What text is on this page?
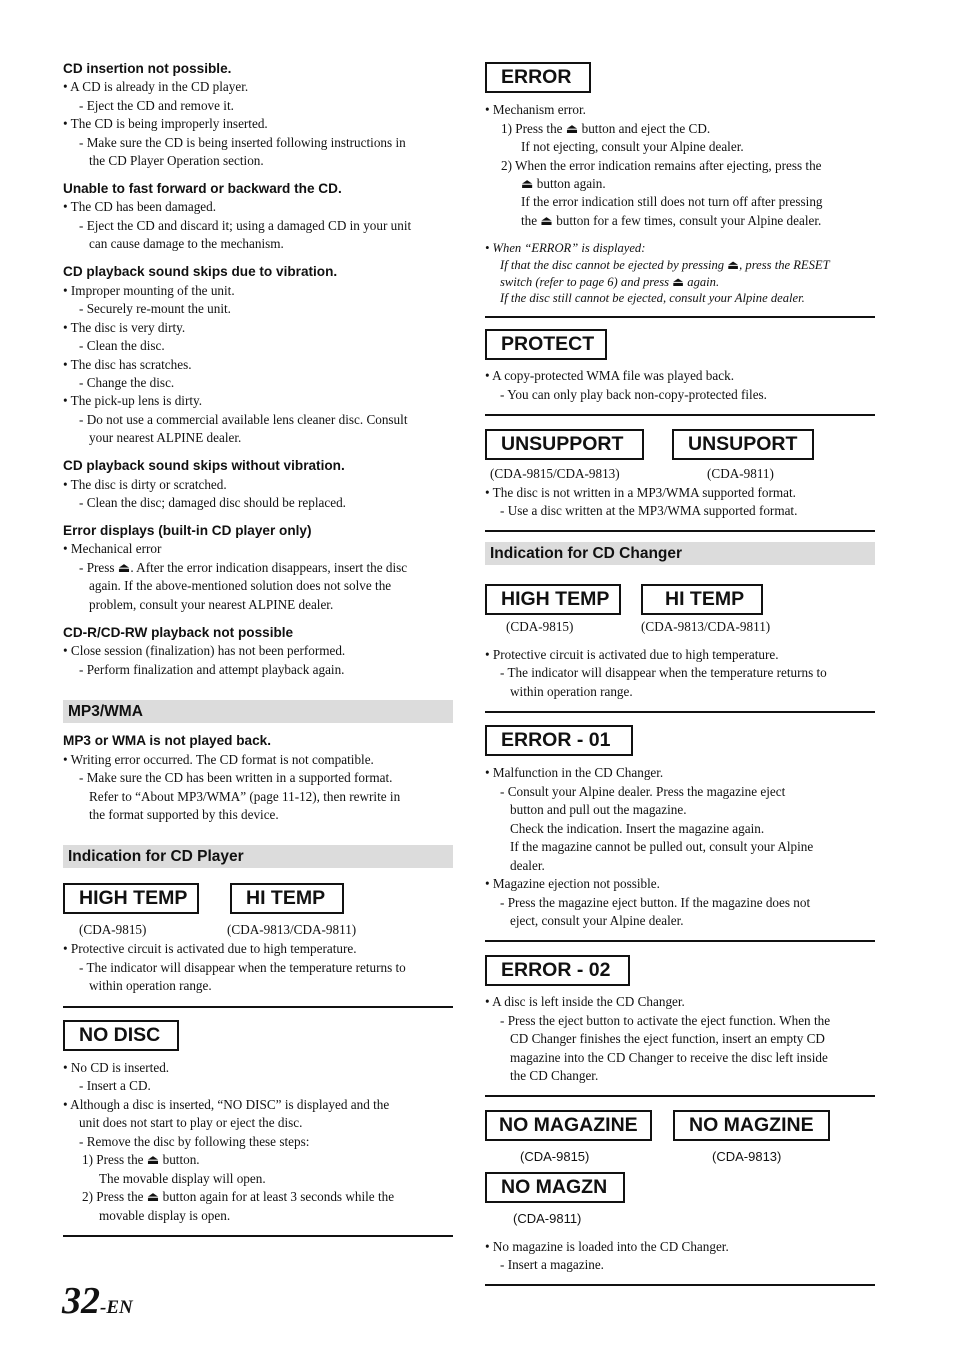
CD insertion not possible.
• A CD is already in the CD player.
- Eject the CD and remove it.
• The CD is being improperly inserted.
- Make sure the CD is being inserted following instructions in
the CD Player Operation section.
Unable to fast forward or backward the CD.
• The CD has been damaged.
- Eject the CD and discard it; using a damaged CD in your unit
can cause damage to the mechanism.
CD playback sound skips due to vibration.
• Improper mounting of the unit.
- Securely re-mount the unit.
• The disc is very dirty.
- Clean the disc.
• The disc has scratches.
- Change the disc.
• The pick-up lens is dirty.
- Do not use a commercial available lens cleaner disc. Consult
your nearest ALPINE dealer.
CD playback sound skips without vibration.
• The disc is dirty or scratched.
- Clean the disc; damaged disc should be replaced.
Error displays (built-in CD player only)
• Mechanical error
- Press ⏏. After the error indication disappears, insert the disc
again. If the above-mentioned solution does not solve the
problem, consult your nearest ALPINE dealer.
CD-R/CD-RW playback not possible
• Close session (finalization) has not been performed.
- Perform finalization and attempt playback again.
MP3/WMA
MP3 or WMA is not played back.
• Writing error occurred. The CD format is not compatible.
- Make sure the CD has been written in a supported format.
Refer to “About MP3/WMA” (page 11-12), then rewrite in
the format supported by this device.
Indication for CD Player
HIGH TEMP	HI TEMP
(CDA-9815)	(CDA-9813/CDA-9811)
• Protective circuit is activated due to high temperature.
- The indicator will disappear when the temperature returns to
within operation range.
NO DISC
• No CD is inserted.
- Insert a CD.
• Although a disc is inserted, “NO DISC” is displayed and the
unit does not start to play or eject the disc.
- Remove the disc by following these steps:
1) Press the ⏏ button.
The movable display will open.
2) Press the ⏏ button again for at least 3 seconds while the
movable display is open.
ERROR
• Mechanism error.
1) Press the ⏏ button and eject the CD.
If not ejecting, consult your Alpine dealer.
2) When the error indication remains after ejecting, press the
⏏ button again.
If the error indication still does not turn off after pressing
the ⏏ button for a few times, consult your Alpine dealer.
• When “ERROR” is displayed:
If that the disc cannot be ejected by pressing ⏏, press the RESET
switch (refer to page 6) and press ⏏ again.
If the disc still cannot be ejected, consult your Alpine dealer.
PROTECT
• A copy-protected WMA file was played back.
- You can only play back non-copy-protected files.
UNSUPPORT	UNSUPORT
(CDA-9815/CDA-9813)	(CDA-9811)
• The disc is not written in a MP3/WMA supported format.
- Use a disc written at the MP3/WMA supported format.
Indication for CD Changer
HIGH TEMP	HI TEMP
(CDA-9815)	(CDA-9813/CDA-9811)
• Protective circuit is activated due to high temperature.
- The indicator will disappear when the temperature returns to
within operation range.
ERROR - 01
• Malfunction in the CD Changer.
- Consult your Alpine dealer. Press the magazine eject
button and pull out the magazine.
Check the indication. Insert the magazine again.
If the magazine cannot be pulled out, consult your Alpine
dealer.
• Magazine ejection not possible.
- Press the magazine eject button. If the magazine does not
eject, consult your Alpine dealer.
ERROR - 02
• A disc is left inside the CD Changer.
- Press the eject button to activate the eject function. When the
CD Changer finishes the eject function, insert an empty CD
magazine into the CD Changer to receive the disc left inside
the CD Changer.
NO MAGAZINE	NO MAGZINE
(CDA-9815)	(CDA-9813)
NO MAGZN
(CDA-9811)
• No magazine is loaded into the CD Changer.
- Insert a magazine.
32-EN
